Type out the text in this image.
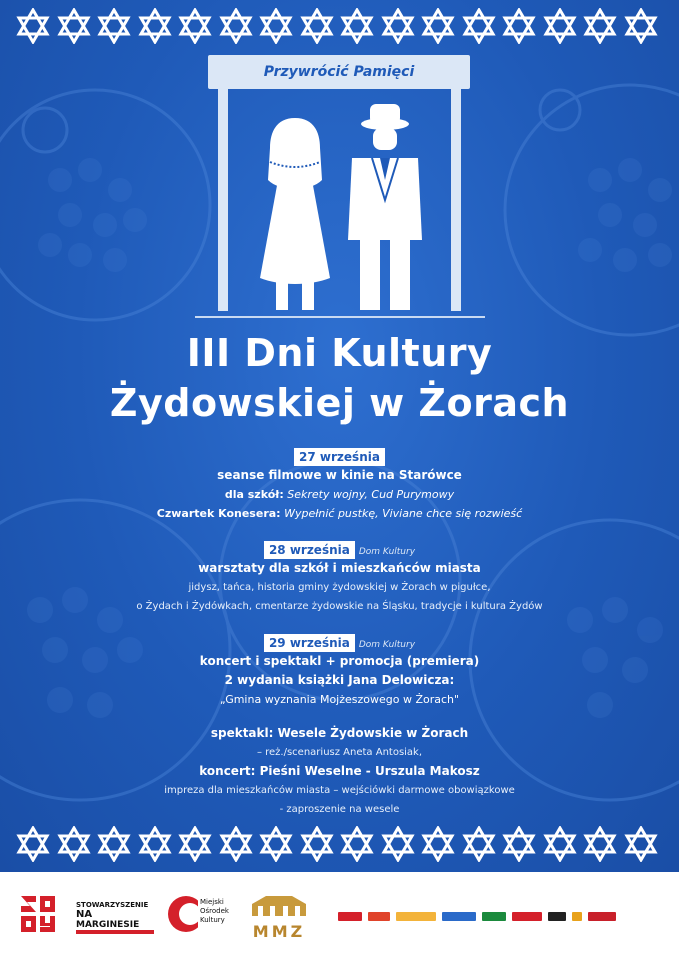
Przywrócić Pamięci
III Dni Kultury
Żydowskiej w Żorach
27 września
seanse filmowe w kinie na Starówce
dla szkół: Sekrety wojny, Cud Purymowy
Czwartek Konesera: Wypełnić pustkę, Viviane chce się rozwieść
28 września	Dom Kultury
warsztaty dla szkół i mieszkańców miasta
jidysz, tańca, historia gminy żydowskiej w Żorach w pigułce,
o Żydach i Żydówkach, cmentarze żydowskie na Śląsku, tradycje i kultura Żydów
29 września	Dom Kultury
koncert i spektakl + promocja (premiera)
2 wydania książki Jana Delowicza:
„Gmina wyznania Mojżeszowego w Żorach"
spektakl: Wesele Żydowskie w Żorach
– reż./scenariusz Aneta Antosiak,
koncert: Pieśni Weselne - Urszula Makosz
impreza dla mieszkańców miasta – wejściówki darmowe obowiązkowe
- zaproszenie na wesele
STOWARZYSZENIE
NA
MARGINESIE
Miejski
Ośrodek
Kultury
MMZ
